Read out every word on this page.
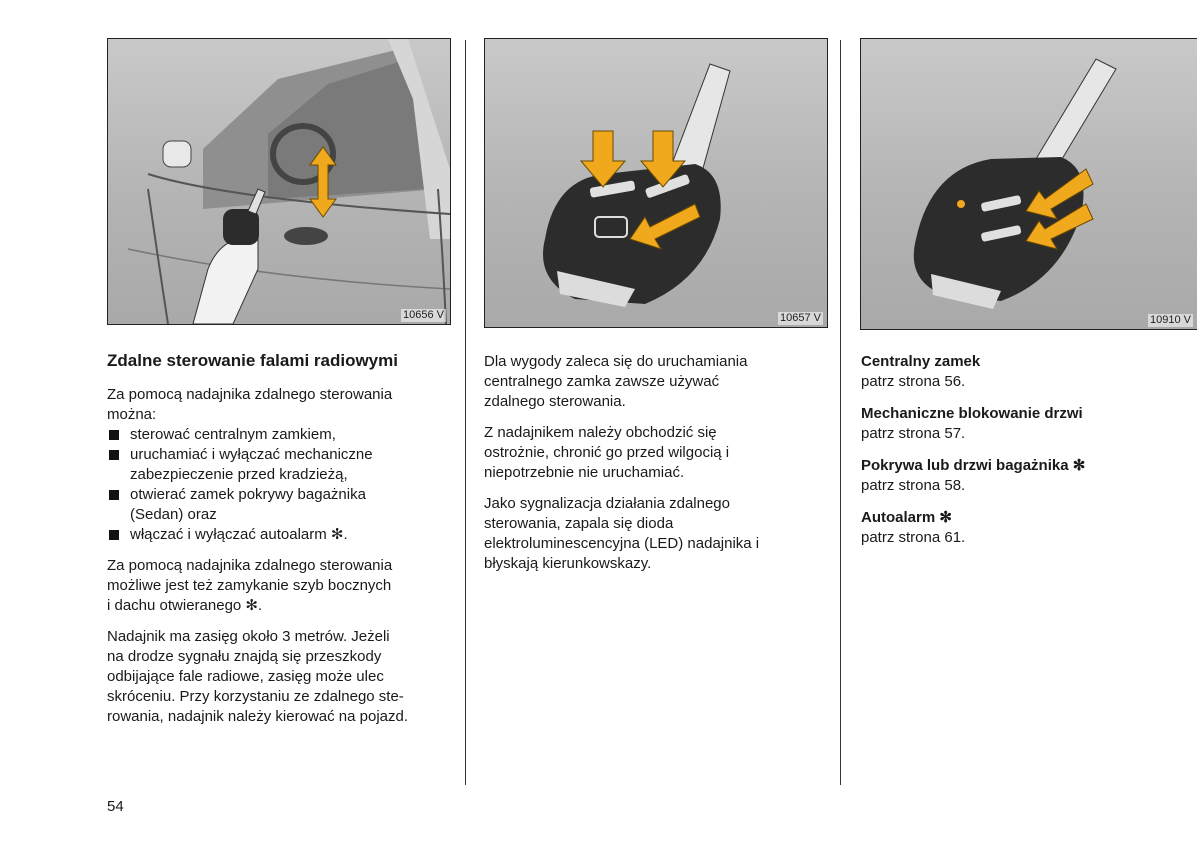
10656 V	10657 V	10910 V
Zdalne sterowanie falami radiowymi
Za pomocą nadajnika zdalnego sterowania
można:
sterować centralnym zamkiem,
uruchamiać i wyłączać mechaniczne
zabezpieczenie przed kradzieżą,
otwierać zamek pokrywy bagażnika
(Sedan) oraz
włączać i wyłączać autoalarm ✻.
Za pomocą nadajnika zdalnego sterowania
możliwe jest też zamykanie szyb bocznych
i dachu otwieranego ✻.
Nadajnik ma zasięg około 3 metrów. Jeżeli
na drodze sygnału znajdą się przeszkody
odbijające fale radiowe, zasięg może ulec
skróceniu. Przy korzystaniu ze zdalnego ste-
rowania, nadajnik należy kierować na pojazd.
Dla wygody zaleca się do uruchamiania
centralnego zamka zawsze używać
zdalnego sterowania.
Z nadajnikem należy obchodzić się
ostrożnie, chronić go przed wilgocią i
niepotrzebnie nie uruchamiać.
Jako sygnalizacja działania zdalnego
sterowania, zapala się dioda
elektroluminescencyjna (LED) nadajnika i
błyskają kierunkowskazy.
Centralny zamek
patrz strona 56.
Mechaniczne blokowanie drzwi
patrz strona 57.
Pokrywa lub drzwi bagażnika ✻
patrz strona 58.
Autoalarm ✻
patrz strona 61.
54
